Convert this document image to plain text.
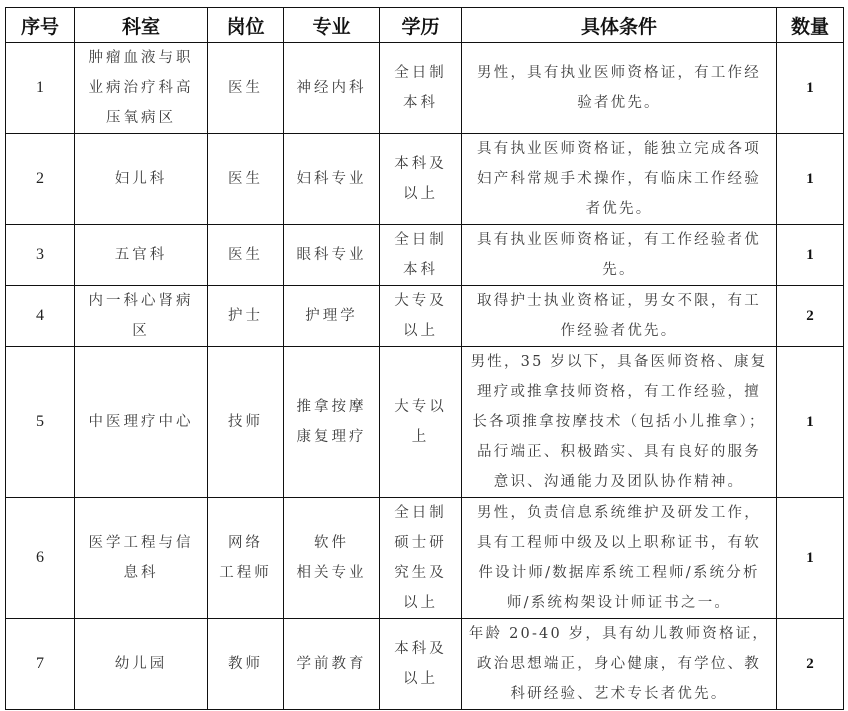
序号	科室	岗位	专业	学历	具体条件	数量
1	肿瘤血液与职
业病治疗科高
压氧病区	医生	神经内科	全日制
本科	男性，具有执业医师资格证，有工作经
验者优先。	1
2	妇儿科	医生	妇科专业	本科及
以上	具有执业医师资格证，能独立完成各项
妇产科常规手术操作，有临床工作经验
者优先。	1
3	五官科	医生	眼科专业	全日制
本科	具有执业医师资格证，有工作经验者优
先。	1
4	内一科心肾病
区	护士	护理学	大专及
以上	取得护士执业资格证，男女不限，有工
作经验者优先。	2
5	中医理疗中心	技师	推拿按摩
康复理疗	大专以
上	男性，35 岁以下，具备医师资格、康复
理疗或推拿技师资格，有工作经验，擅
长各项推拿按摩技术（包括小儿推拿）；
品行端正、积极踏实、具有良好的服务
意识、沟通能力及团队协作精神。	1
6	医学工程与信
息科	网络
工程师	软件
相关专业	全日制
硕士研
究生及
以上	男性，负责信息系统维护及研发工作，
具有工程师中级及以上职称证书，有软
件设计师/数据库系统工程师/系统分析
师/系统构架设计师证书之一。	1
7	幼儿园	教师	学前教育	本科及
以上	年龄 20-40 岁，具有幼儿教师资格证，
政治思想端正，身心健康，有学位、教
科研经验、艺术专长者优先。	2
